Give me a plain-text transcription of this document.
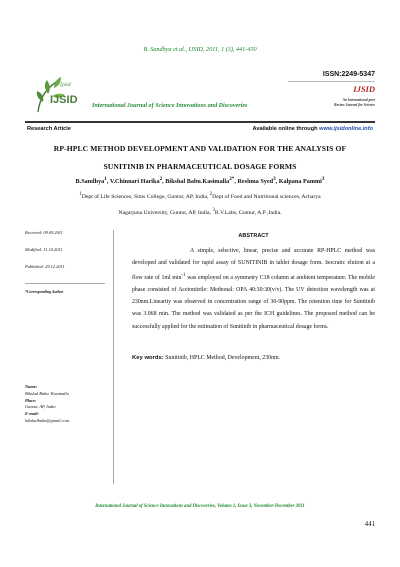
B. Sandhya et al., IJSID, 2011, 1 (3), 441-450
Ijsid
IJSID International Journal of Science Innovations and Discoveries
ISSN:2249-5347
IJSID
An International peer
Review Journal for Science
Research Article	Available online through www.ijsidonline.info
RP-HPLC METHOD DEVELOPMENT AND VALIDATION FOR THE ANALYSIS OF
SUNITINIB IN PHARMACEUTICAL DOSAGE FORMS
B.Sandhya$^1$, V.Chinnari Harika$^2$, Bikshal Babu.Kasimalla$^{2*}$, Reshma Syed$^3$, Kalpana Pammi$^3$
$^1$Dept of Life Sciences, Sims College, Guntur, AP, India, $^2$Dept of Food and Nutritional sciences, Acharya
Nagarjuna University, Guntur, AP, India, $^3$R.V.Labs, Guntur, A.P ,India.
Received: 09.09.2011
Modified: 11.10.2011
Published: 29.12.2011
*Corresponding Author
Name:
Bikshal Babu. Kasimalla
Place:
Guntur, AP, India
E-mail:
bikshalbabu@gmail.com
ABSTRACT
A simple, selective, linear, precise and accurate RP-HPLC method was developed and validated for rapid assay of SUNITINIB in tablet dosage form. Isocratic elution at a flow rate of 1ml $\min^{-1}$ was employed on a symmetry C18 column at ambient temperature. The mobile phase consisted of Acetonitrile: Methonal: OPA 40:30:30(v/v). The UV detection wavelength was at 230nm.Linearity was observed in concentration range of 30-90ppm. The retention time for Sunitinib was 3.068 min. The method was validated as per the ICH guidelines. The proposed method can be successfully applied for the estimation of Sunitinib in pharmaceutical dosage forms.
Key words: Sunitinib, HPLC Method, Development, 230nm.
International Journal of Science Innovations and Discoveries, Volume 1, Issue 3, November-December 2011
441
